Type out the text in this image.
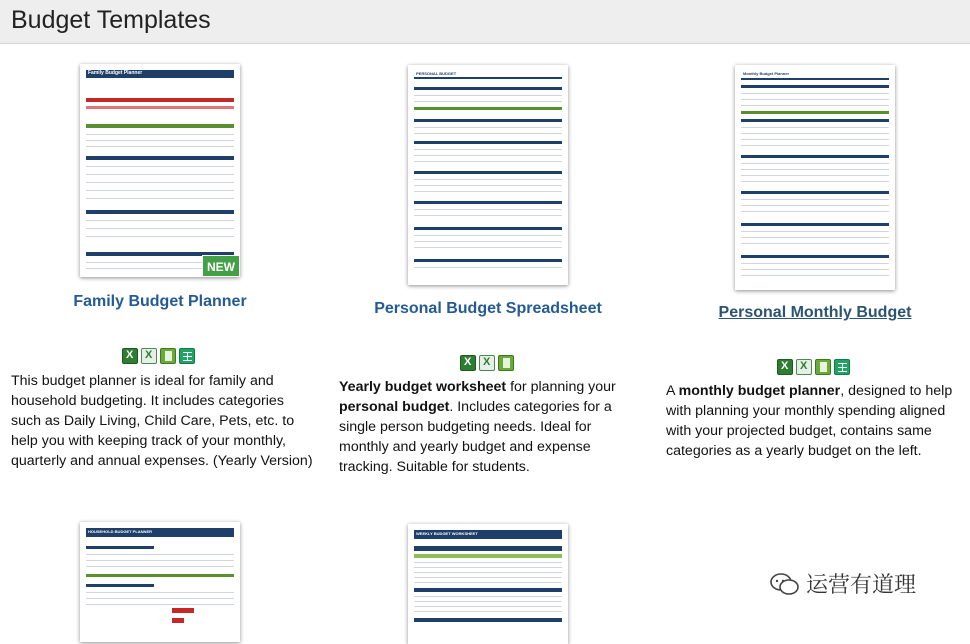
Budget Templates
Family Budget Planner
NEW
Family Budget Planner
X
X
This budget planner is ideal for family and household budgeting. It includes categories such as Daily Living, Child Care, Pets, etc. to help you with keeping track of your monthly, quarterly and annual expenses. (Yearly Version)
PERSONAL BUDGET
Personal Budget Spreadsheet
X
X
Yearly budget worksheet for planning your personal budget. Includes categories for a single person budgeting needs. Ideal for monthly and yearly budget and expense tracking. Suitable for students.
Monthly Budget Planner
Personal Monthly Budget
X
X
A monthly budget planner, designed to help with planning your monthly spending aligned with your projected budget, contains same categories as a yearly budget on the left.
HOUSEHOLD BUDGET PLANNER	WEEKLY BUDGET WORKSHEET
运营有道理
